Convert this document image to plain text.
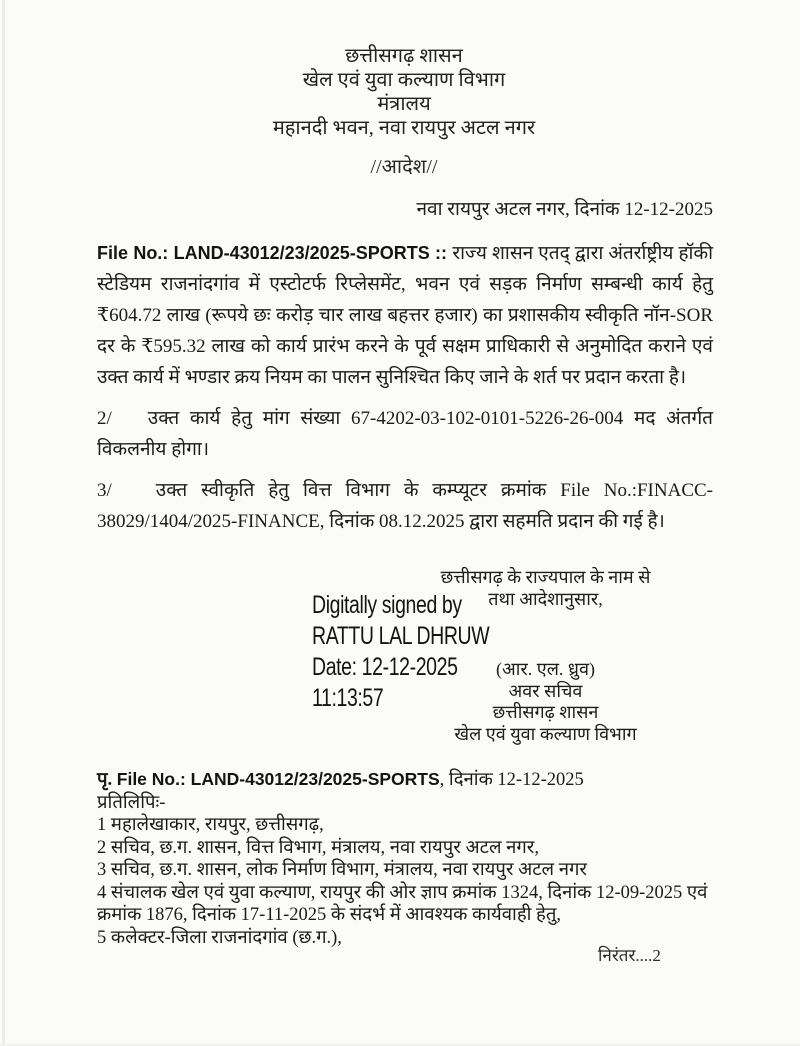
छत्तीसगढ़ शासन
खेल एवं युवा कल्याण विभाग
मंत्रालय
महानदी भवन, नवा रायपुर अटल नगर
//आदेश//
नवा रायपुर अटल नगर, दिनांक 12-12-2025

File No.: LAND-43012/23/2025-SPORTS :: राज्य शासन एतद् द्वारा अंतर्राष्ट्रीय हॉकी स्टेडियम राजनांदगांव में एस्टोटर्फ रिप्लेसमेंट, भवन एवं सड़क निर्माण सम्बन्धी कार्य हेतु ₹604.72 लाख (रूपये छः करोड़ चार लाख बहत्तर हजार) का प्रशासकीय स्वीकृति नॉन-SOR दर के ₹595.32 लाख को कार्य प्रारंभ करने के पूर्व सक्षम प्राधिकारी से अनुमोदित कराने एवं उक्त कार्य में भण्डार क्रय नियम का पालन सुनिश्चित किए जाने के शर्त पर प्रदान करता है।

2/ उक्त कार्य हेतु मांग संख्या 67-4202-03-102-0101-5226-26-004 मद अंतर्गत विकलनीय होगा।

3/ उक्त स्वीकृति हेतु वित्त विभाग के कम्प्यूटर क्रमांक File No.:FINACC-38029/1404/2025-FINANCE, दिनांक 08.12.2025 द्वारा सहमति प्रदान की गई है।

Digitally signed by
RATTU LAL DHRUW
Date: 12-12-2025
11:13:57
छत्तीसगढ़ के राज्यपाल के नाम से
तथा आदेशानुसार,
(आर. एल. ध्रुव)
अवर सचिव
छत्तीसगढ़ शासन
खेल एवं युवा कल्याण विभाग
पृ. File No.: LAND-43012/23/2025-SPORTS, दिनांक 12-12-2025
प्रतिलिपिः-
1 महालेखाकार, रायपुर, छत्तीसगढ़,
2 सचिव, छ.ग. शासन, वित्त विभाग, मंत्रालय, नवा रायपुर अटल नगर,
3 सचिव, छ.ग. शासन, लोक निर्माण विभाग, मंत्रालय, नवा रायपुर अटल नगर
4 संचालक खेल एवं युवा कल्याण, रायपुर की ओर ज्ञाप क्रमांक 1324, दिनांक 12-09-2025 एवं क्रमांक 1876, दिनांक 17-11-2025 के संदर्भ में आवश्यक कार्यवाही हेतु,
5 कलेक्टर-जिला राजनांदगांव (छ.ग.),
निरंतर....2
